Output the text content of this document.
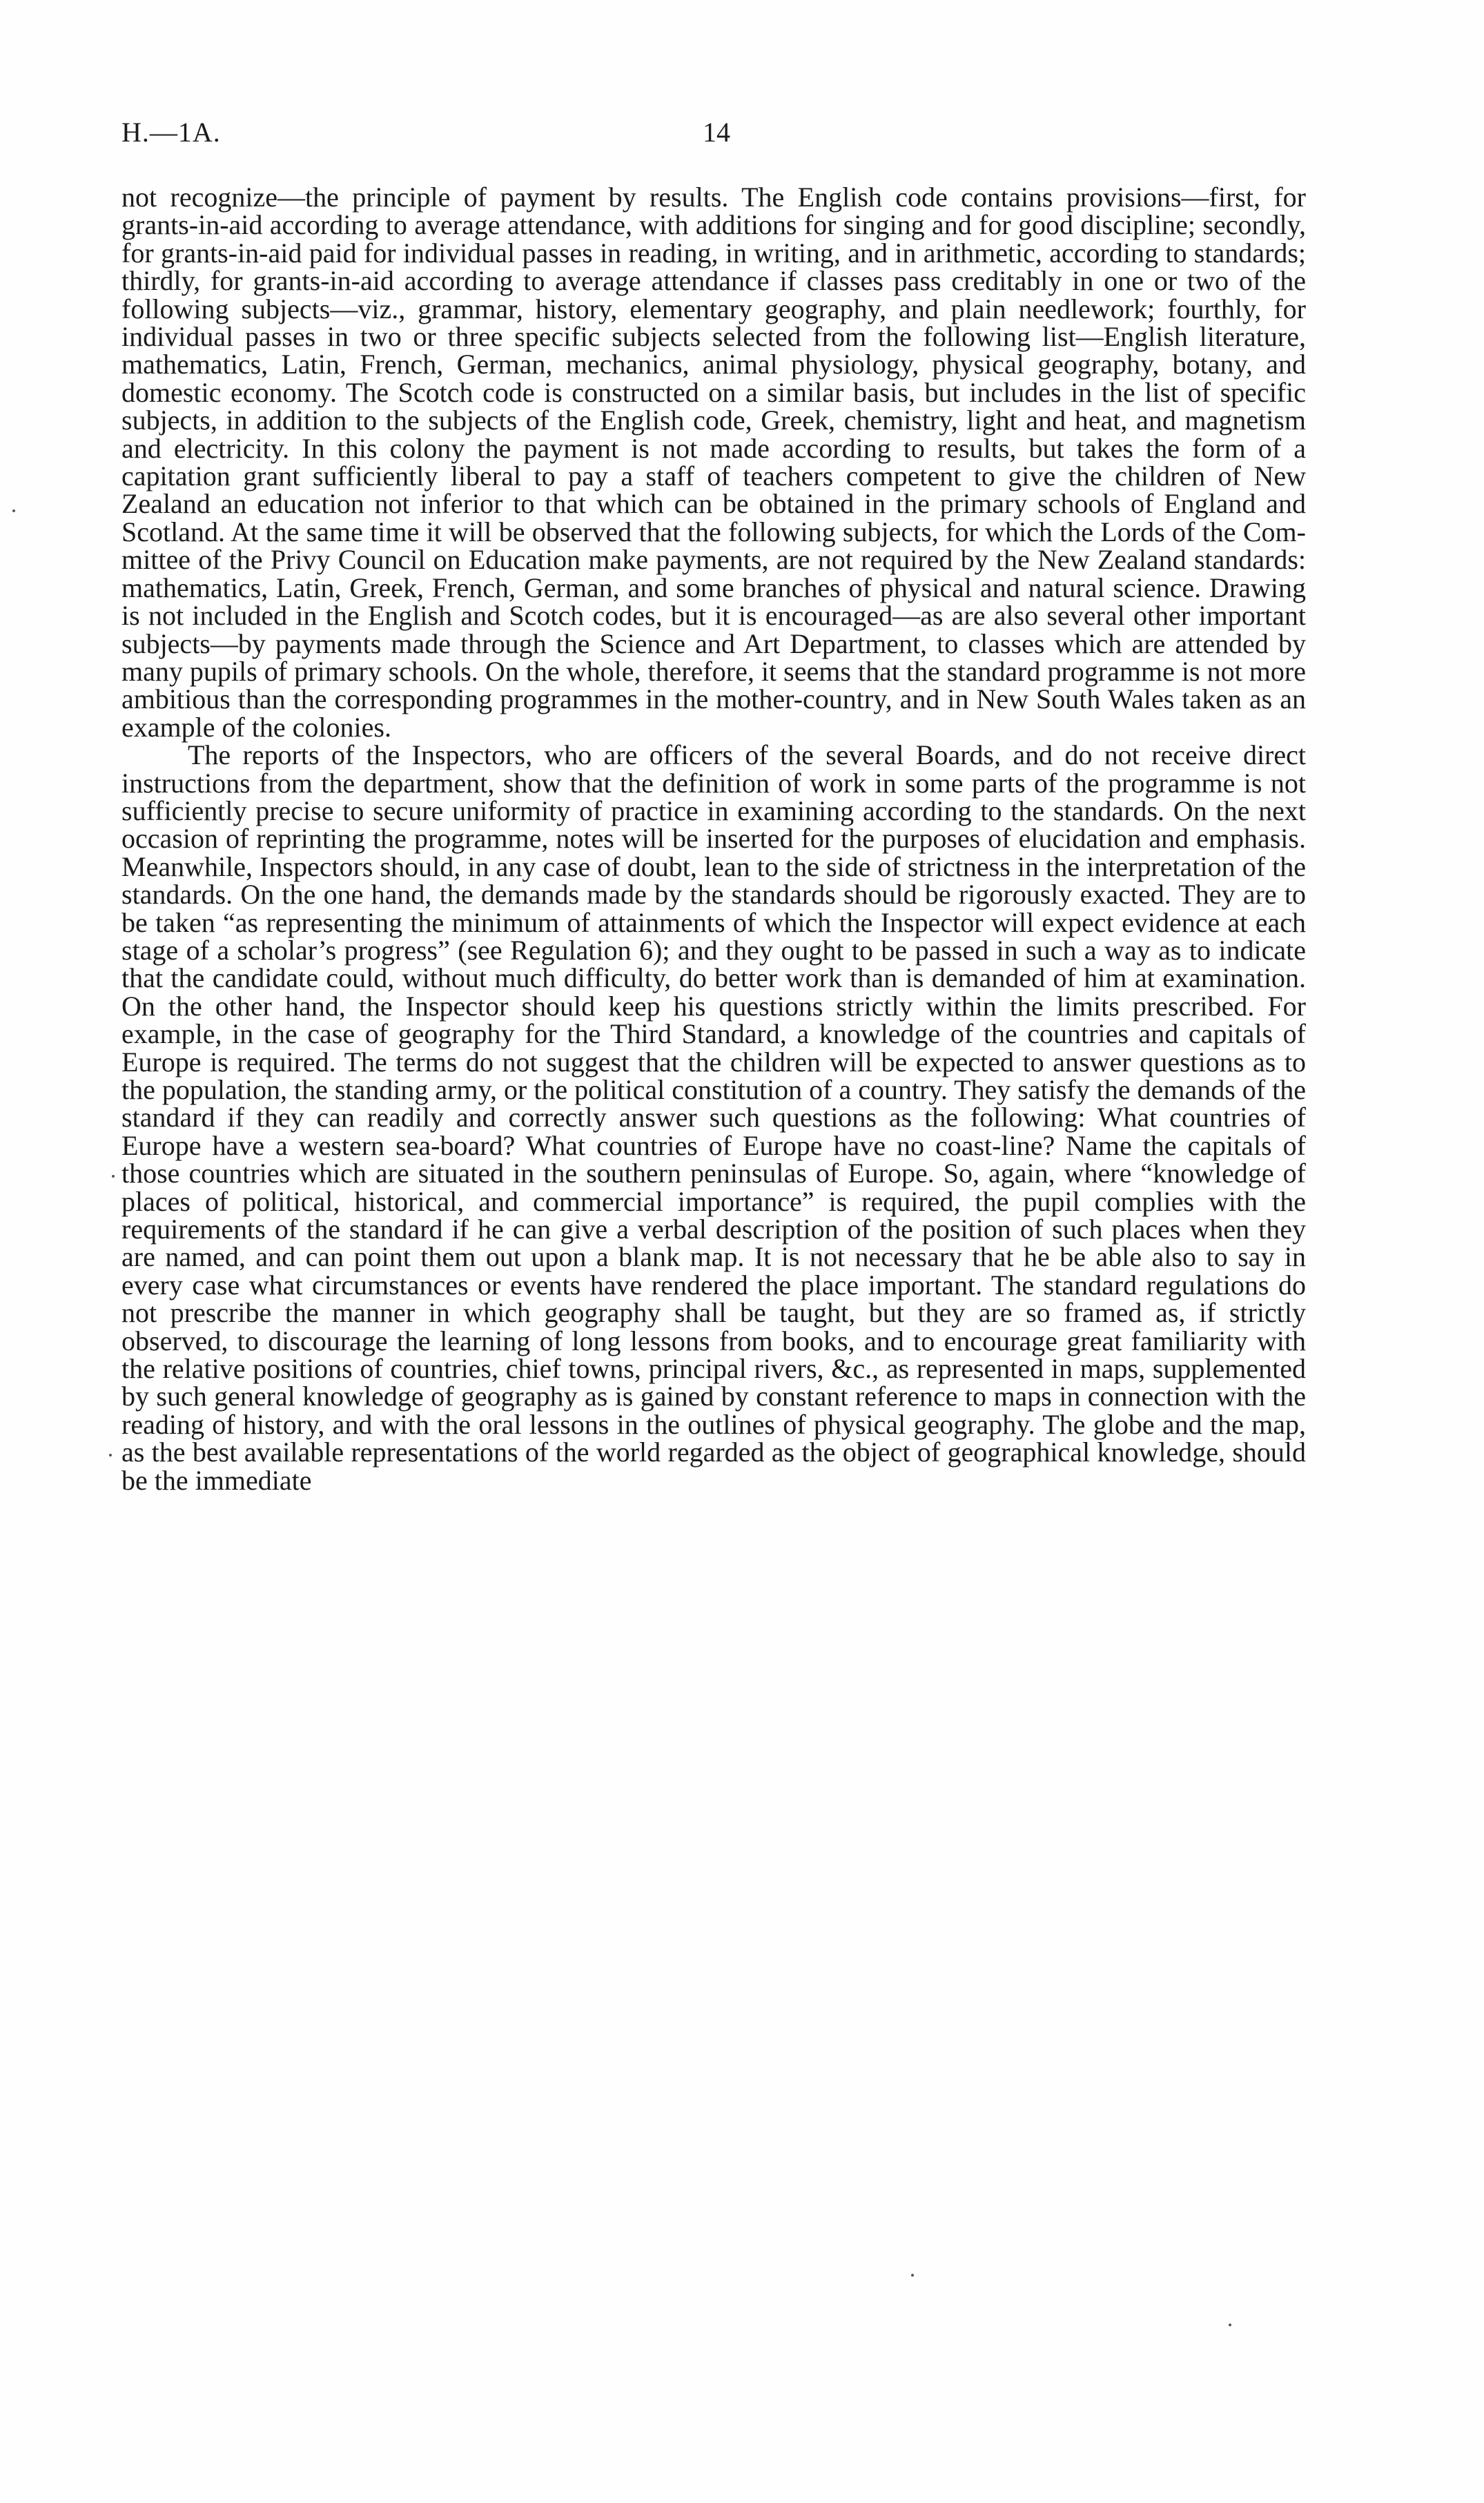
H.—1A.	14

not recognize—the principle of payment by results. The English code contains provisions—first, for grants-in-aid according to average attendance, with additions for singing and for good discipline; secondly, for grants-in-aid paid for individual passes in reading, in writing, and in arithmetic, according to standards; thirdly, for grants-in-aid according to average attendance if classes pass creditably in one or two of the following subjects—viz., grammar, history, elementary geography, and plain needlework; fourthly, for individual passes in two or three specific subjects selected from the following list—English literature, mathematics, Latin, French, German, mechanics, animal physiology, physical geography, botany, and domestic economy. The Scotch code is constructed on a similar basis, but includes in the list of specific subjects, in addition to the subjects of the English code, Greek, chemistry, light and heat, and magnetism and electricity. In this colony the payment is not made according to results, but takes the form of a capitation grant sufficiently liberal to pay a staff of teachers competent to give the children of New Zealand an education not inferior to that which can be obtained in the primary schools of England and Scotland. At the same time it will be observed that the following subjects, for which the Lords of the Committee of the Privy Council on Education make payments, are not required by the New Zealand standards: mathematics, Latin, Greek, French, German, and some branches of physical and natural science. Drawing is not included in the English and Scotch codes, but it is encouraged—as are also several other important subjects—by payments made through the Science and Art Department, to classes which are attended by many pupils of primary schools. On the whole, therefore, it seems that the standard programme is not more ambitious than the corresponding programmes in the mother-country, and in New South Wales taken as an example of the colonies.

The reports of the Inspectors, who are officers of the several Boards, and do not receive direct instructions from the department, show that the definition of work in some parts of the programme is not sufficiently precise to secure uniformity of practice in examining according to the standards. On the next occasion of reprinting the programme, notes will be inserted for the purposes of elucidation and emphasis. Meanwhile, Inspectors should, in any case of doubt, lean to the side of strictness in the interpretation of the standards. On the one hand, the demands made by the standards should be rigorously exacted. They are to be taken “as representing the minimum of attainments of which the Inspector will expect evidence at each stage of a scholar’s progress” (see Regulation 6); and they ought to be passed in such a way as to indicate that the candidate could, without much difficulty, do better work than is demanded of him at examination. On the other hand, the Inspector should keep his questions strictly within the limits prescribed. For example, in the case of geography for the Third Standard, a knowledge of the countries and capitals of Europe is required. The terms do not suggest that the children will be expected to answer questions as to the population, the standing army, or the political constitution of a country. They satisfy the demands of the standard if they can readily and correctly answer such questions as the following: What countries of Europe have a western sea-board? What countries of Europe have no coast-line? Name the capitals of those countries which are situated in the southern peninsulas of Europe. So, again, where “knowledge of places of political, historical, and commercial importance” is required, the pupil complies with the requirements of the standard if he can give a verbal description of the position of such places when they are named, and can point them out upon a blank map. It is not necessary that he be able also to say in every case what circumstances or events have rendered the place important. The standard regulations do not prescribe the manner in which geography shall be taught, but they are so framed as, if strictly observed, to discourage the learning of long lessons from books, and to encourage great familiarity with the relative positions of countries, chief towns, principal rivers, &c., as represented in maps, supplemented by such general knowledge of geography as is gained by constant reference to maps in connection with the reading of history, and with the oral lessons in the outlines of physical geography. The globe and the map, as the best available representations of the world regarded as the object of geographical knowledge, should be the immediate
